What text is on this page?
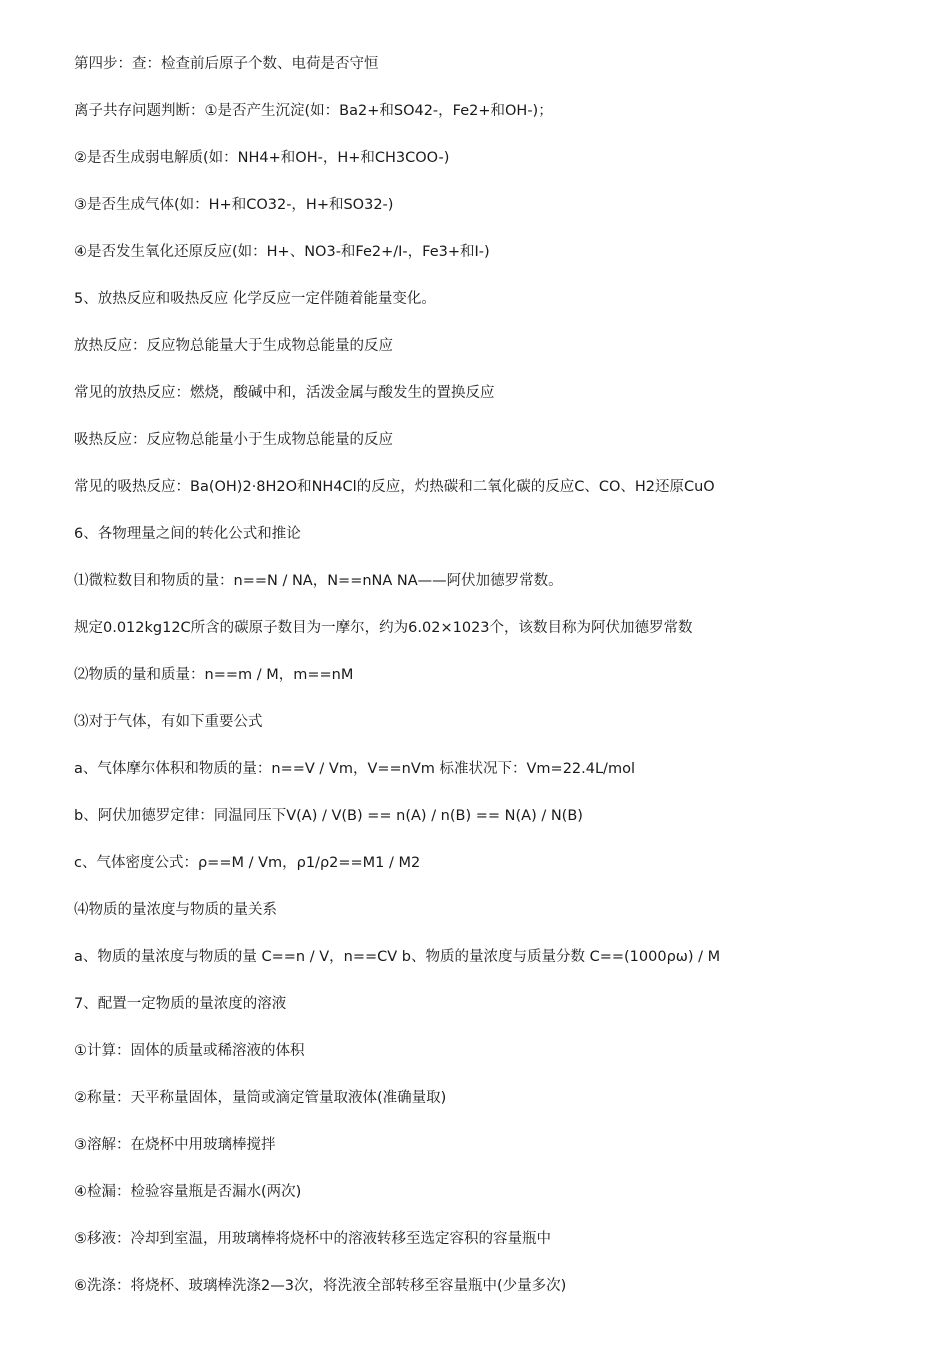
第四步：查：检查前后原子个数、电荷是否守恒
离子共存问题判断：①是否产生沉淀(如：Ba2+和SO42-，Fe2+和OH-)；
②是否生成弱电解质(如：NH4+和OH-，H+和CH3COO-)
③是否生成气体(如：H+和CO32-，H+和SO32-)
④是否发生氧化还原反应(如：H+、NO3-和Fe2+/I-，Fe3+和I-)
5、放热反应和吸热反应 化学反应一定伴随着能量变化。
放热反应：反应物总能量大于生成物总能量的反应
常见的放热反应：燃烧，酸碱中和，活泼金属与酸发生的置换反应
吸热反应：反应物总能量小于生成物总能量的反应
常见的吸热反应：Ba(OH)2·8H2O和NH4Cl的反应，灼热碳和二氧化碳的反应C、CO、H2还原CuO
6、各物理量之间的转化公式和推论
⑴微粒数目和物质的量：n==N / NA，N==nNA NA——阿伏加德罗常数。
规定0.012kg12C所含的碳原子数目为一摩尔，约为6.02×1023个，该数目称为阿伏加德罗常数
⑵物质的量和质量：n==m / M，m==nM
⑶对于气体，有如下重要公式
a、气体摩尔体积和物质的量：n==V / Vm，V==nVm 标准状况下：Vm=22.4L/mol
b、阿伏加德罗定律：同温同压下V(A) / V(B) == n(A) / n(B) == N(A) / N(B)
c、气体密度公式：ρ==M / Vm，ρ1/ρ2==M1 / M2
⑷物质的量浓度与物质的量关系
a、物质的量浓度与物质的量 C==n / V，n==CV b、物质的量浓度与质量分数 C==(1000ρω) / M
7、配置一定物质的量浓度的溶液
①计算：固体的质量或稀溶液的体积
②称量：天平称量固体，量筒或滴定管量取液体(准确量取)
③溶解：在烧杯中用玻璃棒搅拌
④检漏：检验容量瓶是否漏水(两次)
⑤移液：冷却到室温，用玻璃棒将烧杯中的溶液转移至选定容积的容量瓶中
⑥洗涤：将烧杯、玻璃棒洗涤2—3次，将洗液全部转移至容量瓶中(少量多次)
